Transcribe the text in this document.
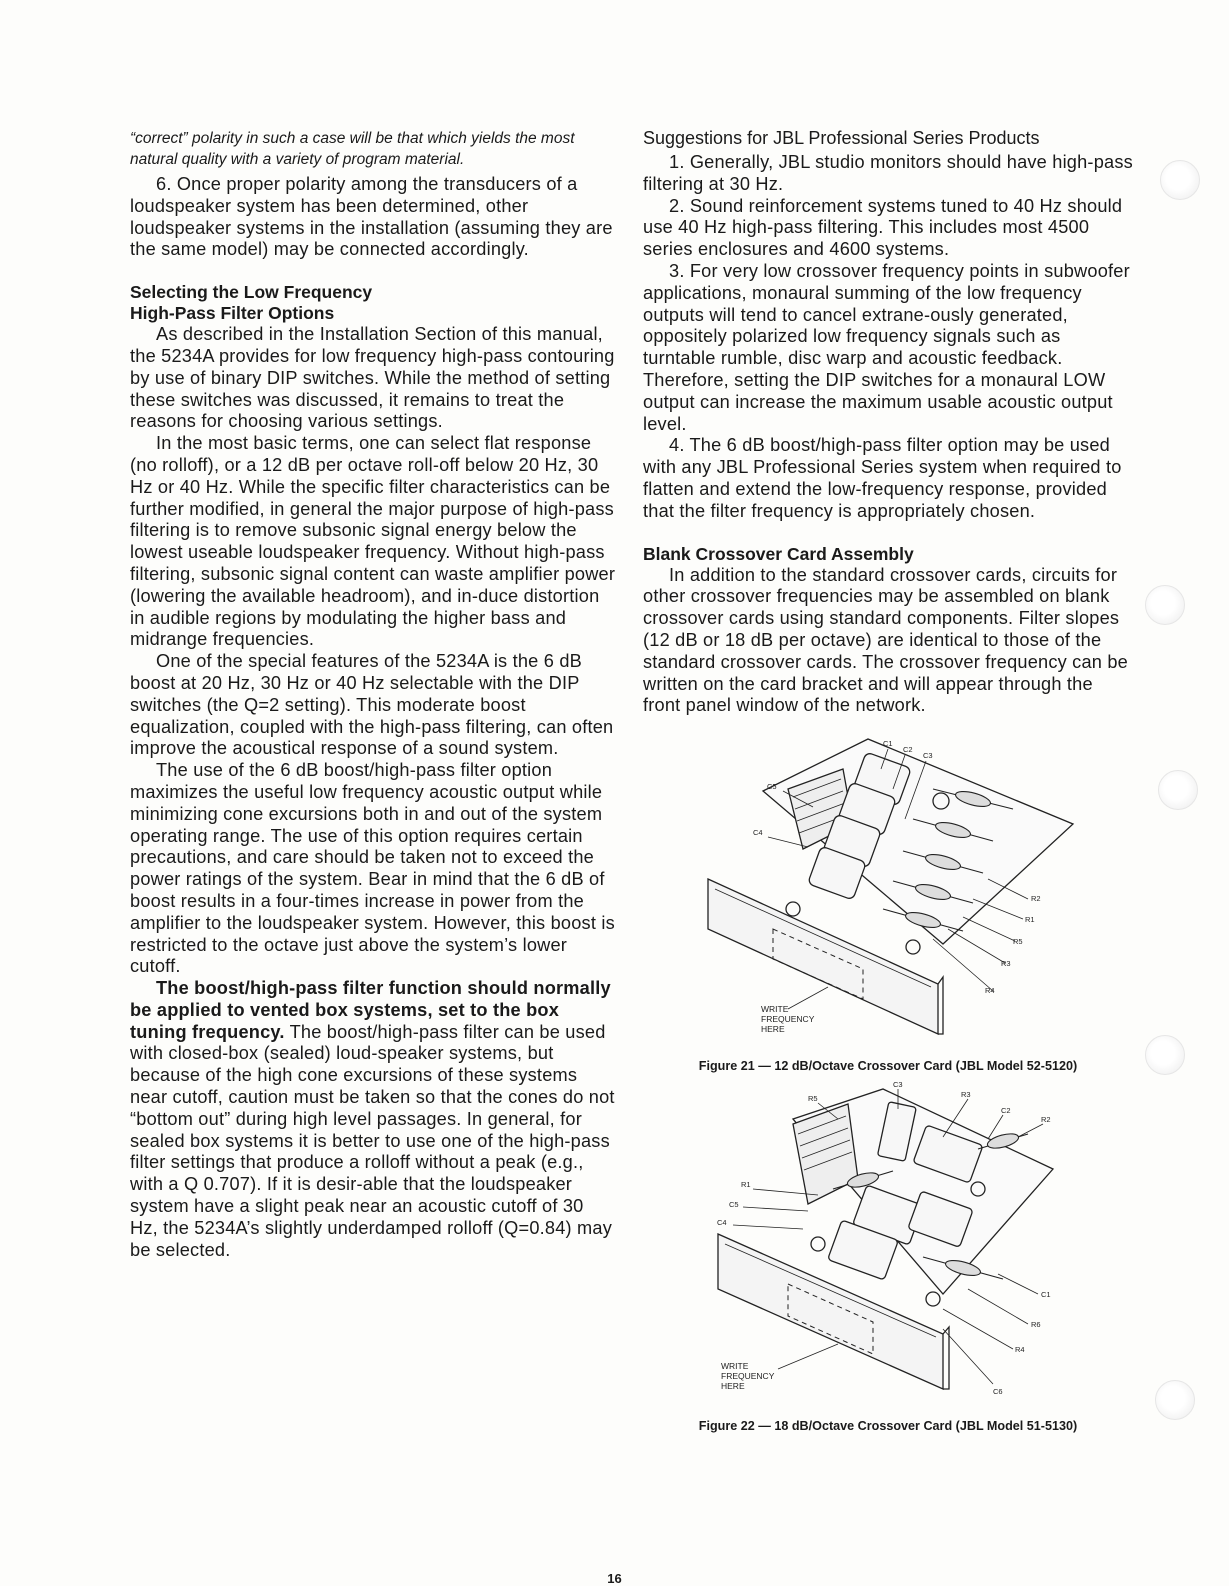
“correct” polarity in such a case will be that which yields the most natural quality with a variety of program material.

6. Once proper polarity among the transducers of a loudspeaker system has been determined, other loudspeaker systems in the installation (assuming they are the same model) may be connected accordingly.

Selecting the Low Frequency
High-Pass Filter Options

As described in the Installation Section of this manual, the 5234A provides for low frequency high-pass contouring by use of binary DIP switches. While the method of setting these switches was discussed, it remains to treat the reasons for choosing various settings.

In the most basic terms, one can select flat response (no rolloff), or a 12 dB per octave roll-off below 20 Hz, 30 Hz or 40 Hz. While the specific filter characteristics can be further modified, in general the major purpose of high-pass filtering is to remove subsonic signal energy below the lowest useable loudspeaker frequency. Without high-pass filtering, subsonic signal content can waste amplifier power (lowering the available headroom), and in-duce distortion in audible regions by modulating the higher bass and midrange frequencies.

One of the special features of the 5234A is the 6 dB boost at 20 Hz, 30 Hz or 40 Hz selectable with the DIP switches (the Q=2 setting). This moderate boost equalization, coupled with the high-pass filtering, can often improve the acoustical response of a sound system.

The use of the 6 dB boost/high-pass filter option maximizes the useful low frequency acoustic output while minimizing cone excursions both in and out of the system operating range. The use of this option requires certain precautions, and care should be taken not to exceed the power ratings of the system. Bear in mind that the 6 dB of boost results in a four-times increase in power from the amplifier to the loudspeaker system. However, this boost is restricted to the octave just above the system’s lower cutoff.

The boost/high-pass filter function should normally be applied to vented box systems, set to the box tuning frequency. The boost/high-pass filter can be used with closed-box (sealed) loud-speaker systems, but because of the high cone excursions of these systems near cutoff, caution must be taken so that the cones do not “bottom out” during high level passages. In general, for sealed box systems it is better to use one of the high-pass filter settings that produce a rolloff without a peak (e.g., with a Q 0.707). If it is desir-able that the loudspeaker system have a slight peak near an acoustic cutoff of 30 Hz, the 5234A’s slightly underdamped rolloff (Q=0.84) may be selected.

Suggestions for JBL Professional Series Products

1. Generally, JBL studio monitors should have high-pass filtering at 30 Hz.

2. Sound reinforcement systems tuned to 40 Hz should use 40 Hz high-pass filtering. This includes most 4500 series enclosures and 4600 systems.

3. For very low crossover frequency points in subwoofer applications, monaural summing of the low frequency outputs will tend to cancel extrane-ously generated, oppositely polarized low frequency signals such as turntable rumble, disc warp and acoustic feedback. Therefore, setting the DIP switches for a monaural LOW output can increase the maximum usable acoustic output level.

4. The 6 dB boost/high-pass filter option may be used with any JBL Professional Series system when required to flatten and extend the low-frequency response, provided that the filter frequency is appropriately chosen.

Blank Crossover Card Assembly

In addition to the standard crossover cards, circuits for other crossover frequencies may be assembled on blank crossover cards using standard components. Filter slopes (12 dB or 18 dB per octave) are identical to those of the standard crossover cards. The crossover frequency can be written on the card bracket and will appear through the front panel window of the network.

C1
C2
C3
C5
C4
R2
R1
R5
R3
R4
WRITE
FREQUENCY
HERE

Figure 21 — 12 dB/Octave Crossover Card (JBL Model 52-5120)

C3
R5	R3
C2
R2
R1
C5
C4
C1
R6
R4
C6
WRITE
FREQUENCY
HERE

Figure 22 — 18 dB/Octave Crossover Card (JBL Model 51-5130)

16
